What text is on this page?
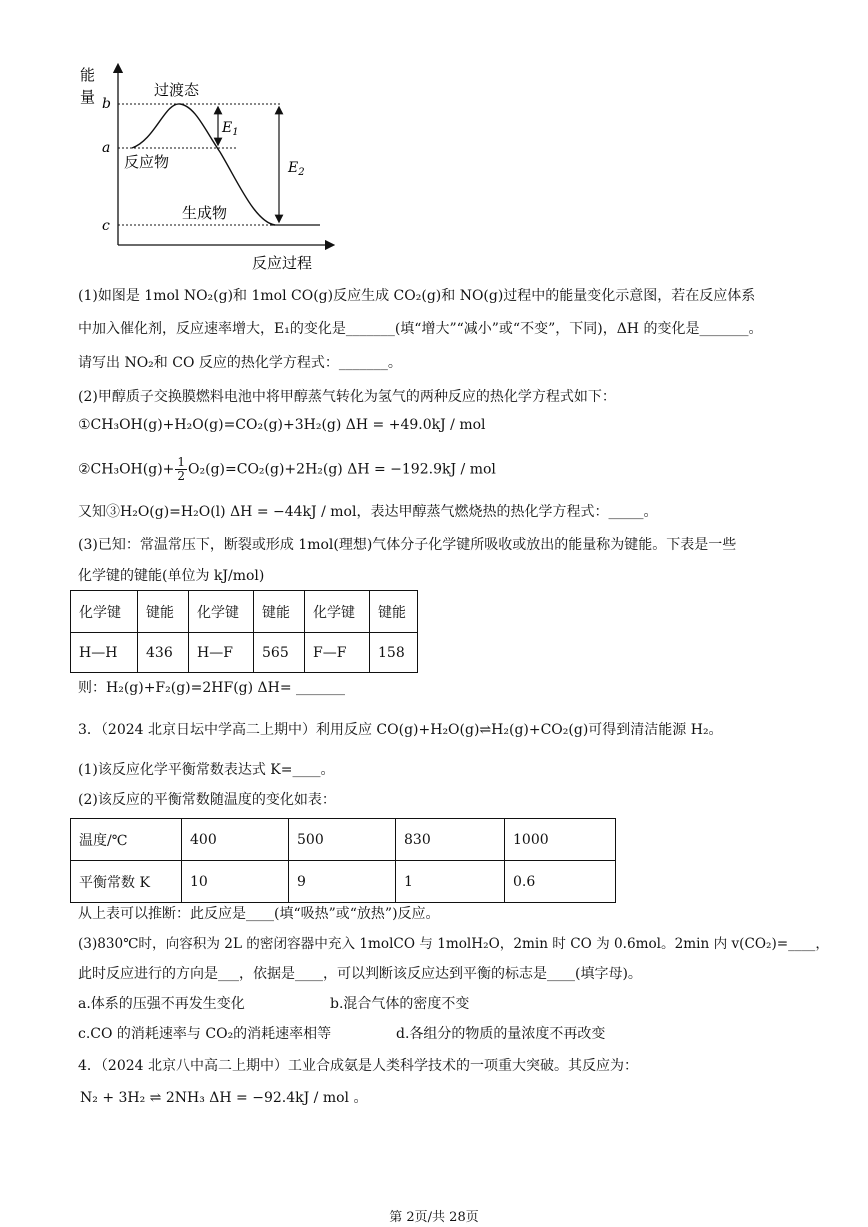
能
量 b
a
c
过渡态
反应物
生成物
$E_1$
$E_2$
反应过程
(1)如图是 1mol NO₂(g)和 1mol CO(g)反应生成 CO₂(g)和 NO(g)过程中的能量变化示意图，若在反应体系
中加入催化剂，反应速率增大，E₁的变化是_______(填“增大”“减小”或“不变”，下同)，ΔH 的变化是_______。
请写出 NO₂和 CO 反应的热化学方程式：_______。
(2)甲醇质子交换膜燃料电池中将甲醇蒸气转化为氢气的两种反应的热化学方程式如下：
①CH₃OH(g)+H₂O(g)=CO₂(g)+3H₂(g) ΔH = +49.0kJ / mol
②CH₃OH(g)+ $\frac{1}{2} O_2(g)=CO_2(g)+2H_2(g) \Delta H = -192.9kJ$ / mol
又知③H₂O(g)=H₂O(l) ΔH = −44kJ / mol，表达甲醇蒸气燃烧热的热化学方程式：_____。
(3)已知：常温常压下，断裂或形成 1mol(理想)气体分子化学键所吸收或放出的能量称为键能。下表是一些
化学键的键能(单位为 kJ/mol)
化学键	键能	化学键	键能	化学键	键能
H—H	436	H—F	565	F—F	158
则：H₂(g)+F₂(g)=2HF(g) ΔH= _______
3．（2024 北京日坛中学高二上期中）利用反应 CO(g)+H₂O(g)⇌H₂(g)+CO₂(g)可得到清洁能源 H₂。
(1)该反应化学平衡常数表达式 K=____。
(2)该反应的平衡常数随温度的变化如表：
温度/℃	400	500	830	1000
平衡常数 K	10	9	1	0.6
从上表可以推断：此反应是____(填“吸热”或“放热”)反应。
(3)830℃时，向容积为 2L 的密闭容器中充入 1molCO 与 1molH₂O，2min 时 CO 为 0.6mol。2min 内 v(CO₂)=____，
此时反应进行的方向是___，依据是____，可以判断该反应达到平衡的标志是____(填字母)。
a.体系的压强不再发生变化	b.混合气体的密度不变
c.CO 的消耗速率与 CO₂的消耗速率相等	d.各组分的物质的量浓度不再改变
4．（2024 北京八中高二上期中）工业合成氨是人类科学技术的一项重大突破。其反应为：
N₂ + 3H₂ ⇌ 2NH₃ ΔH = −92.4kJ / mol 。
第 2页/共 28页
